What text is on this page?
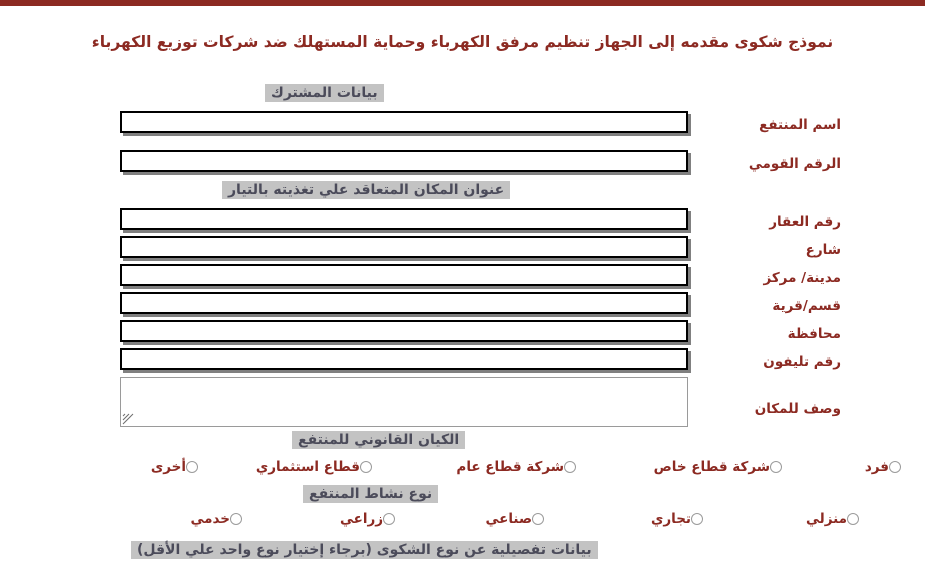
نموذج شكوى مقدمه إلى الجهاز تنظيم مرفق الكهرباء وحماية المستهلك ضد شركات توزيع الكهرباء
بيانات المشترك
اسم المنتفع
الرقم القومي
عنوان المكان المتعاقد علي تغذيته بالتيار
رقم العقار
شارع
مدينة/ مركز
قسم/قرية
محافظة
رقم تليفون
وصف للمكان
الكيان القانوني للمنتفع
فرد
شركة قطاع خاص
شركة قطاع عام
قطاع استثماري
أخرى
نوع نشاط المنتفع
منزلي
تجاري
صناعي
زراعي
خدمي
بيانات تفصيلية عن نوع الشكوى (برجاء إختيار نوع واحد علي الأقل)
